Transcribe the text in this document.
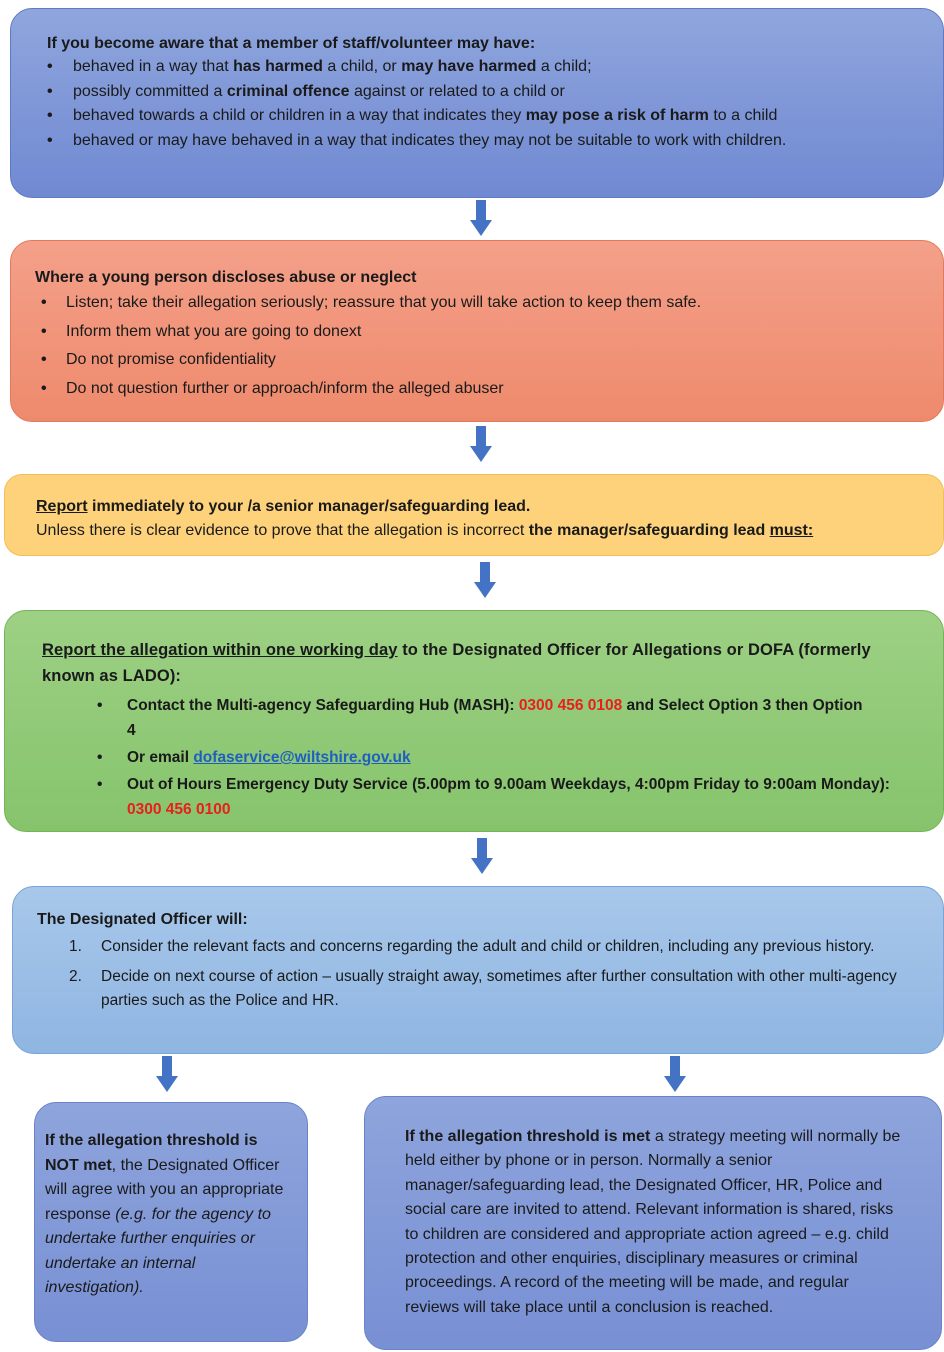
If you become aware that a member of staff/volunteer may have:
• behaved in a way that has harmed a child, or may have harmed a child;
• possibly committed a criminal offence against or related to a child or
• behaved towards a child or children in a way that indicates they may pose a risk of harm to a child
• behaved or may have behaved in a way that indicates they may not be suitable to work with children.
Where a young person discloses abuse or neglect
• Listen; take their allegation seriously; reassure that you will take action to keep them safe.
• Inform them what you are going to donext
• Do not promise confidentiality
• Do not question further or approach/inform the alleged abuser

Report immediately to your /a senior manager/safeguarding lead.

Unless there is clear evidence to prove that the allegation is incorrect the manager/safeguarding lead must:

Report the allegation within one working day to the Designated Officer for Allegations or DOFA (formerly known as LADO):
• Contact the Multi-agency Safeguarding Hub (MASH): 0300 456 0108 and Select Option 3 then Option 4
• Or email dofaservice@wiltshire.gov.uk
• Out of Hours Emergency Duty Service (5.00pm to 9.00am Weekdays, 4:00pm Friday to 9:00am Monday): 0300 456 0100
The Designated Officer will:
1. Consider the relevant facts and concerns regarding the adult and child or children, including any previous history.
2. Decide on next course of action – usually straight away, sometimes after further consultation with other multi-agency parties such as the Police and HR.

If the allegation threshold is NOT met, the Designated Officer will agree with you an appropriate response (e.g. for the agency to undertake further enquiries or undertake an internal investigation).

If the allegation threshold is met a strategy meeting will normally be held either by phone or in person. Normally a senior manager/safeguarding lead, the Designated Officer, HR, Police and social care are invited to attend. Relevant information is shared, risks to children are considered and appropriate action agreed – e.g. child protection and other enquiries, disciplinary measures or criminal proceedings. A record of the meeting will be made, and regular reviews will take place until a conclusion is reached.
